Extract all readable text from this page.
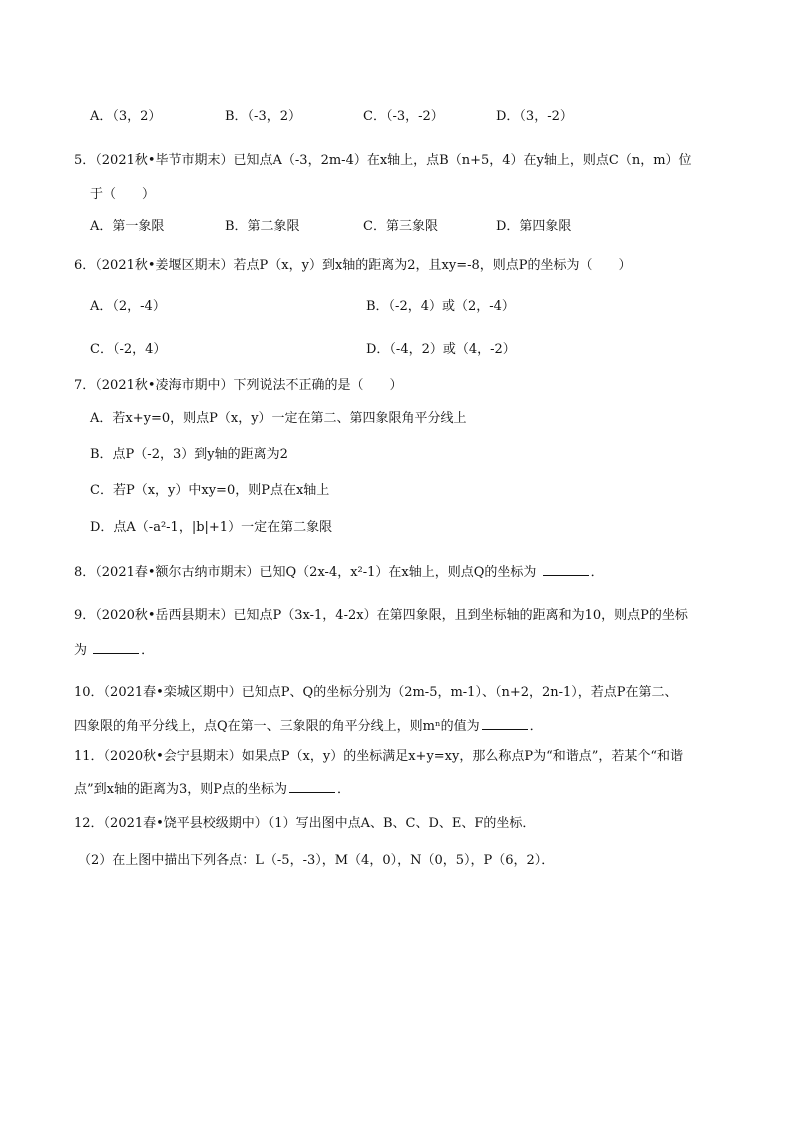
A．（3，2）	B．（-3，2）	C．（-3，-2）	D．（3，-2）
5．（2021秋•毕节市期末）已知点A（-3，2m-4）在x轴上，点B（n+5，4）在y轴上，则点C（n，m）位
于（　　）
A．第一象限	B．第二象限	C．第三象限	D．第四象限
6．（2021秋•姜堰区期末）若点P（x，y）到x轴的距离为2，且xy=-8，则点P的坐标为（　　）
A．（2，-4）	B．（-2，4）或（2，-4）
C．（-2，4）	D．（-4，2）或（4，-2）
7．（2021秋•凌海市期中）下列说法不正确的是（　　）
A．若x+y=0，则点P（x，y）一定在第二、第四象限角平分线上
B．点P（-2，3）到y轴的距离为2
C．若P（x，y）中xy=0，则P点在x轴上
D．点A（-a²-1，|b|+1）一定在第二象限
8．（2021春•额尔古纳市期末）已知Q（2x-4，x²-1）在x轴上，则点Q的坐标为	．
9．（2020秋•岳西县期末）已知点P（3x-1，4-2x）在第四象限，且到坐标轴的距离和为10，则点P的坐标
为	．
10．（2021春•栾城区期中）已知点P、Q的坐标分别为（2m-5，m-1）、（n+2，2n-1），若点P在第二、
四象限的角平分线上，点Q在第一、三象限的角平分线上，则mⁿ的值为	．
11．（2020秋•会宁县期末）如果点P（x，y）的坐标满足x+y=xy，那么称点P为“和谐点”，若某个“和谐
点”到x轴的距离为3，则P点的坐标为	．
12．（2021春•饶平县校级期中）（1）写出图中点A、B、C、D、E、F的坐标．
（2）在上图中描出下列各点：L（-5，-3），M（4，0），N（0，5），P（6，2）．
